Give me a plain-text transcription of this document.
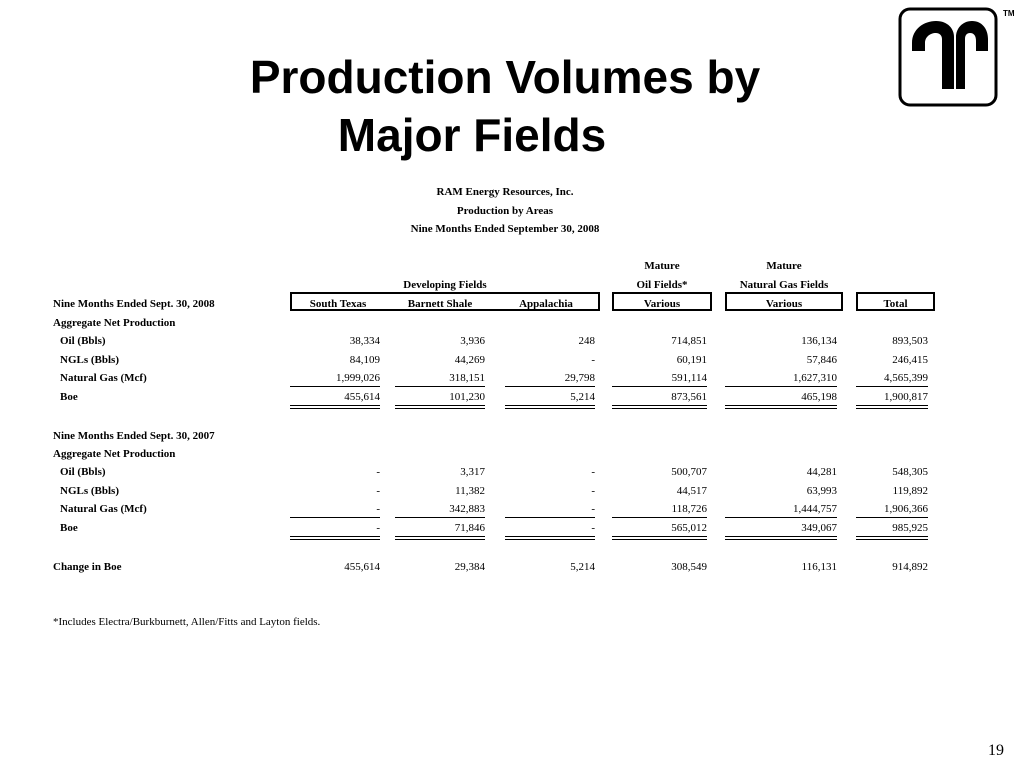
Production Volumes by
Major Fields
TM
RAM Energy Resources, Inc.
Production by Areas
Nine Months Ended September 30, 2008
Mature	Mature
Developing Fields	Oil Fields*	Natural Gas Fields
Nine Months Ended Sept. 30, 2008	South Texas	Barnett Shale	Appalachia	Various	Various	Total
Aggregate Net Production
Oil (Bbls)	38,334	3,936	248	714,851	136,134	893,503
NGLs (Bbls)	84,109	44,269	-	60,191	57,846	246,415
Natural Gas (Mcf)	1,999,026	318,151	29,798	591,114	1,627,310	4,565,399
Boe	455,614	101,230	5,214	873,561	465,198	1,900,817
Nine Months Ended Sept. 30, 2007
Aggregate Net Production
Oil (Bbls)	-	3,317	-	500,707	44,281	548,305
NGLs (Bbls)	-	11,382	-	44,517	63,993	119,892
Natural Gas (Mcf)	-	342,883	-	118,726	1,444,757	1,906,366
Boe	-	71,846	-	565,012	349,067	985,925
Change in Boe	455,614	29,384	5,214	308,549	116,131	914,892
*Includes Electra/Burkburnett, Allen/Fitts and Layton fields.
19
